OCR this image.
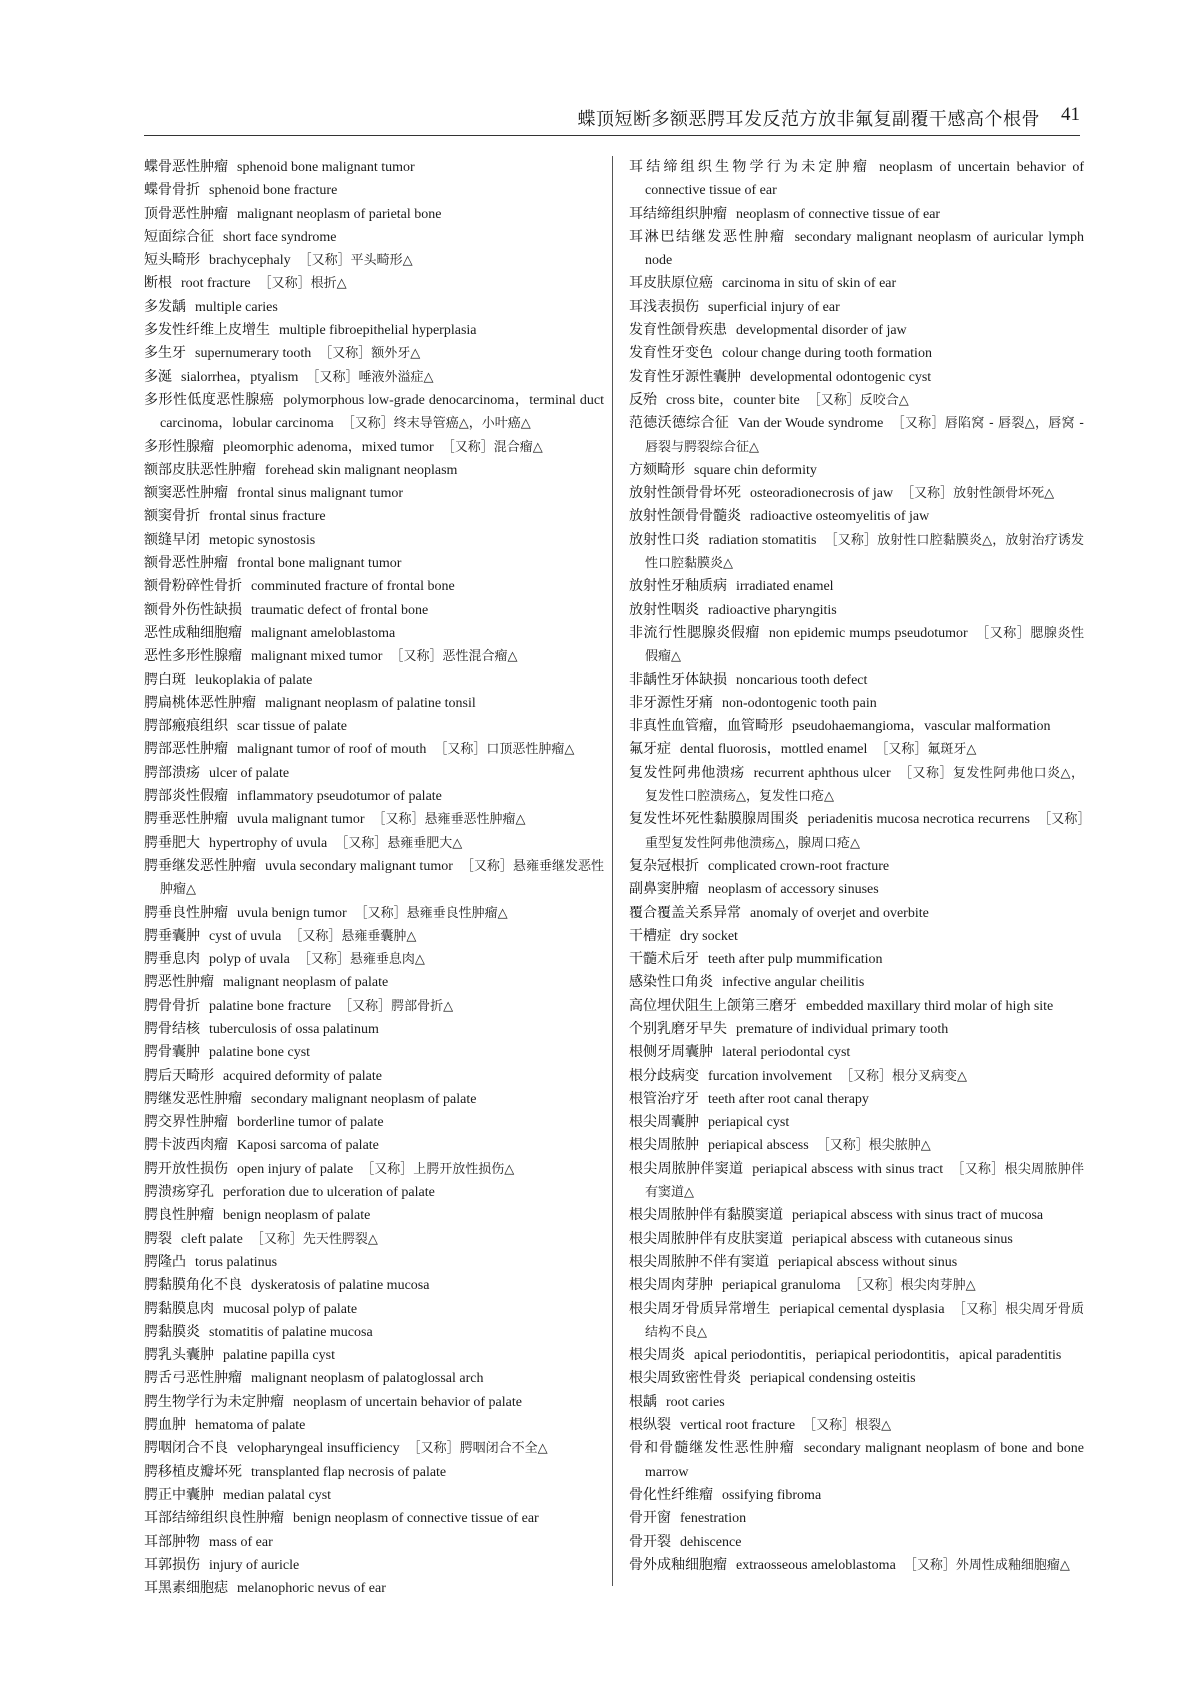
蝶顶短断多额恶腭耳发反范方放非氟复副覆干感高个根骨 41

蝶骨恶性肿瘤 sphenoid bone malignant tumor

蝶骨骨折 sphenoid bone fracture

顶骨恶性肿瘤 malignant neoplasm of parietal bone

短面综合征 short face syndrome

短头畸形 brachycephaly ［ 又称］平头畸形△

断根 root fracture ［ 又称］根折△

多发龋 multiple caries

多发性纤维上皮增生 multiple fibroepithelial hyperplasia

多生牙 supernumerary tooth ［ 又称］额外牙△

多涎 sialorrhea，ptyalism ［ 又称］唾液外溢症△

多形性低度恶性腺癌 polymorphous low-grade denocarcinoma，terminal duct carcinoma，lobular carcinoma ［ 又称］终末导管癌△，小叶癌△

多形性腺瘤 pleomorphic adenoma，mixed tumor ［ 又称］混合瘤△

额部皮肤恶性肿瘤 forehead skin malignant neoplasm

额窦恶性肿瘤 frontal sinus malignant tumor

额窦骨折 frontal sinus fracture

额缝早闭 metopic synostosis

额骨恶性肿瘤 frontal bone malignant tumor

额骨粉碎性骨折 comminuted fracture of frontal bone

额骨外伤性缺损 traumatic defect of frontal bone

恶性成釉细胞瘤 malignant ameloblastoma

恶性多形性腺瘤 malignant mixed tumor ［ 又称］恶性混合瘤△

腭白斑 leukoplakia of palate

腭扁桃体恶性肿瘤 malignant neoplasm of palatine tonsil

腭部瘢痕组织 scar tissue of palate

腭部恶性肿瘤 malignant tumor of roof of mouth ［ 又称］口顶恶性肿瘤△

腭部溃疡 ulcer of palate

腭部炎性假瘤 inflammatory pseudotumor of palate

腭垂恶性肿瘤 uvula malignant tumor ［ 又称］悬雍垂恶性肿瘤△

腭垂肥大 hypertrophy of uvula ［ 又称］悬雍垂肥大△

腭垂继发恶性肿瘤 uvula secondary malignant tumor ［ 又称］悬雍垂继发恶性肿瘤△

腭垂良性肿瘤 uvula benign tumor ［ 又称］悬雍垂良性肿瘤△

腭垂囊肿 cyst of uvula ［ 又称］悬雍垂囊肿△

腭垂息肉 polyp of uvala ［ 又称］悬雍垂息肉△

腭恶性肿瘤 malignant neoplasm of palate

腭骨骨折 palatine bone fracture ［ 又称］腭部骨折△

腭骨结核 tuberculosis of ossa palatinum

腭骨囊肿 palatine bone cyst

腭后天畸形 acquired deformity of palate

腭继发恶性肿瘤 secondary malignant neoplasm of palate

腭交界性肿瘤 borderline tumor of palate

腭卡波西肉瘤 Kaposi sarcoma of palate

腭开放性损伤 open injury of palate ［ 又称］上腭开放性损伤△

腭溃疡穿孔 perforation due to ulceration of palate

腭良性肿瘤 benign neoplasm of palate

腭裂 cleft palate ［ 又称］先天性腭裂△

腭隆凸 torus palatinus

腭黏膜角化不良 dyskeratosis of palatine mucosa

腭黏膜息肉 mucosal polyp of palate

腭黏膜炎 stomatitis of palatine mucosa

腭乳头囊肿 palatine papilla cyst

腭舌弓恶性肿瘤 malignant neoplasm of palatoglossal arch

腭生物学行为未定肿瘤 neoplasm of uncertain behavior of palate

腭血肿 hematoma of palate

腭咽闭合不良 velopharyngeal insufficiency ［ 又称］腭咽闭合不全△

腭移植皮瓣坏死 transplanted flap necrosis of palate

腭正中囊肿 median palatal cyst

耳部结缔组织良性肿瘤 benign neoplasm of connective tissue of ear

耳部肿物 mass of ear

耳郭损伤 injury of auricle

耳黑素细胞痣 melanophoric nevus of ear

耳结缔组织生物学行为未定肿瘤 neoplasm of uncertain behavior of connective tissue of ear

耳结缔组织肿瘤 neoplasm of connective tissue of ear

耳淋巴结继发恶性肿瘤 secondary malignant neoplasm of auricular lymph node

耳皮肤原位癌 carcinoma in situ of skin of ear

耳浅表损伤 superficial injury of ear

发育性颌骨疾患 developmental disorder of jaw

发育性牙变色 colour change during tooth formation

发育性牙源性囊肿 developmental odontogenic cyst

反殆 cross bite，counter bite ［ 又称］反咬合△

范德沃德综合征 Van der Woude syndrome ［ 又称］唇陷窝 - 唇裂△，唇窝 - 唇裂与腭裂综合征△

方颏畸形 square chin deformity

放射性颌骨骨坏死 osteoradionecrosis of jaw ［ 又称］放射性颌骨坏死△

放射性颌骨骨髓炎 radioactive osteomyelitis of jaw

放射性口炎 radiation stomatitis ［ 又称］放射性口腔黏膜炎△，放射治疗诱发性口腔黏膜炎△

放射性牙釉质病 irradiated enamel

放射性咽炎 radioactive pharyngitis

非流行性腮腺炎假瘤 non epidemic mumps pseudotumor ［ 又称］腮腺炎性假瘤△

非龋性牙体缺损 noncarious tooth defect

非牙源性牙痛 non-odontogenic tooth pain

非真性血管瘤，血管畸形 pseudohaemangioma，vascular malformation

氟牙症 dental fluorosis，mottled enamel ［ 又称］氟斑牙△

复发性阿弗他溃疡 recurrent aphthous ulcer ［ 又称］复发性阿弗他口炎△，复发性口腔溃疡△，复发性口疮△

复发性坏死性黏膜腺周围炎 periadenitis mucosa necrotica recurrens ［ 又称］重型复发性阿弗他溃疡△，腺周口疮△

复杂冠根折 complicated crown-root fracture

副鼻窦肿瘤 neoplasm of accessory sinuses

覆合覆盖关系异常 anomaly of overjet and overbite

干槽症 dry socket

干髓术后牙 teeth after pulp mummification

感染性口角炎 infective angular cheilitis

高位埋伏阻生上颌第三磨牙 embedded maxillary third molar of high site

个别乳磨牙早失 premature of individual primary tooth

根侧牙周囊肿 lateral periodontal cyst

根分歧病变 furcation involvement ［ 又称］根分叉病变△

根管治疗牙 teeth after root canal therapy

根尖周囊肿 periapical cyst

根尖周脓肿 periapical abscess ［ 又称］根尖脓肿△

根尖周脓肿伴窦道 periapical abscess with sinus tract ［ 又称］根尖周脓肿伴有窦道△

根尖周脓肿伴有黏膜窦道 periapical abscess with sinus tract of mucosa

根尖周脓肿伴有皮肤窦道 periapical abscess with cutaneous sinus

根尖周脓肿不伴有窦道 periapical abscess without sinus

根尖周肉芽肿 periapical granuloma ［ 又称］根尖肉芽肿△

根尖周牙骨质异常增生 periapical cemental dysplasia ［ 又称］根尖周牙骨质结构不良△

根尖周炎 apical periodontitis，periapical periodontitis，apical paradentitis

根尖周致密性骨炎 periapical condensing osteitis

根龋 root caries

根纵裂 vertical root fracture ［ 又称］根裂△

骨和骨髓继发性恶性肿瘤 secondary malignant neoplasm of bone and bone marrow

骨化性纤维瘤 ossifying fibroma

骨开窗 fenestration

骨开裂 dehiscence

骨外成釉细胞瘤 extraosseous ameloblastoma ［ 又称］外周性成釉细胞瘤△
